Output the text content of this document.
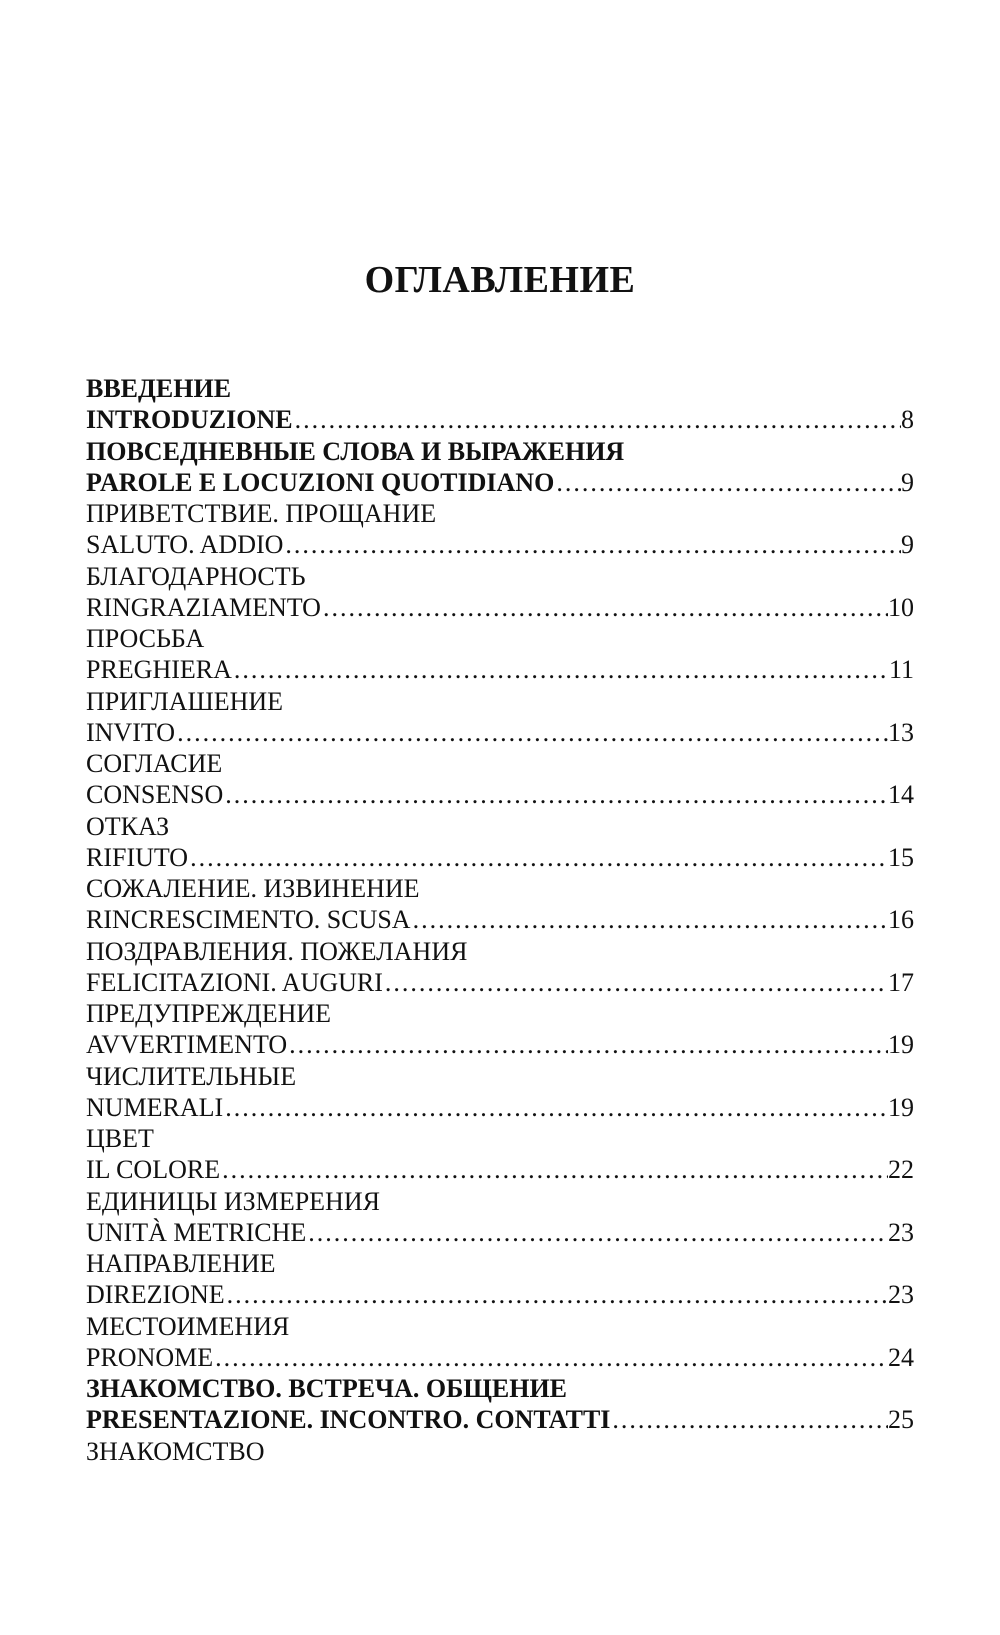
ОГЛАВЛЕНИЕ
ВВЕДЕНИЕ
INTRODUZIONE .....	8
ПОВСЕДНЕВНЫЕ СЛОВА И ВЫРАЖЕНИЯ
PAROLE E LOCUZIONI QUOTIDIANO .....	9
ПРИВЕТСТВИЕ. ПРОЩАНИЕ
SALUTO. ADDIO .....	9
БЛАГОДАРНОСТЬ
RINGRAZIAMENTO .....	10
ПРОСЬБА
PREGHIERA .....	11
ПРИГЛАШЕНИЕ
INVITO .....	13
СОГЛАСИЕ
CONSENSO .....	14
ОТКАЗ
RIFIUTO .....	15
СОЖАЛЕНИЕ. ИЗВИНЕНИЕ
RINCRESCIMENTO. SCUSA .....	16
ПОЗДРАВЛЕНИЯ. ПОЖЕЛАНИЯ
FELICITAZIONI. AUGURI .....	17
ПРЕДУПРЕЖДЕНИЕ
AVVERTIMENTO .....	19
ЧИСЛИТЕЛЬНЫЕ
NUMERALI .....	19
ЦВЕТ
IL COLORE .....	22
ЕДИНИЦЫ ИЗМЕРЕНИЯ
UNITÀ METRICHE .....	23
НАПРАВЛЕНИЕ
DIREZIONE .....	23
МЕСТОИМЕНИЯ
PRONOME .....	24
ЗНАКОМСТВО. ВСТРЕЧА. ОБЩЕНИЕ
PRESENTAZIONE. INCONTRO. CONTATTI .....	25
ЗНАКОМСТВО
